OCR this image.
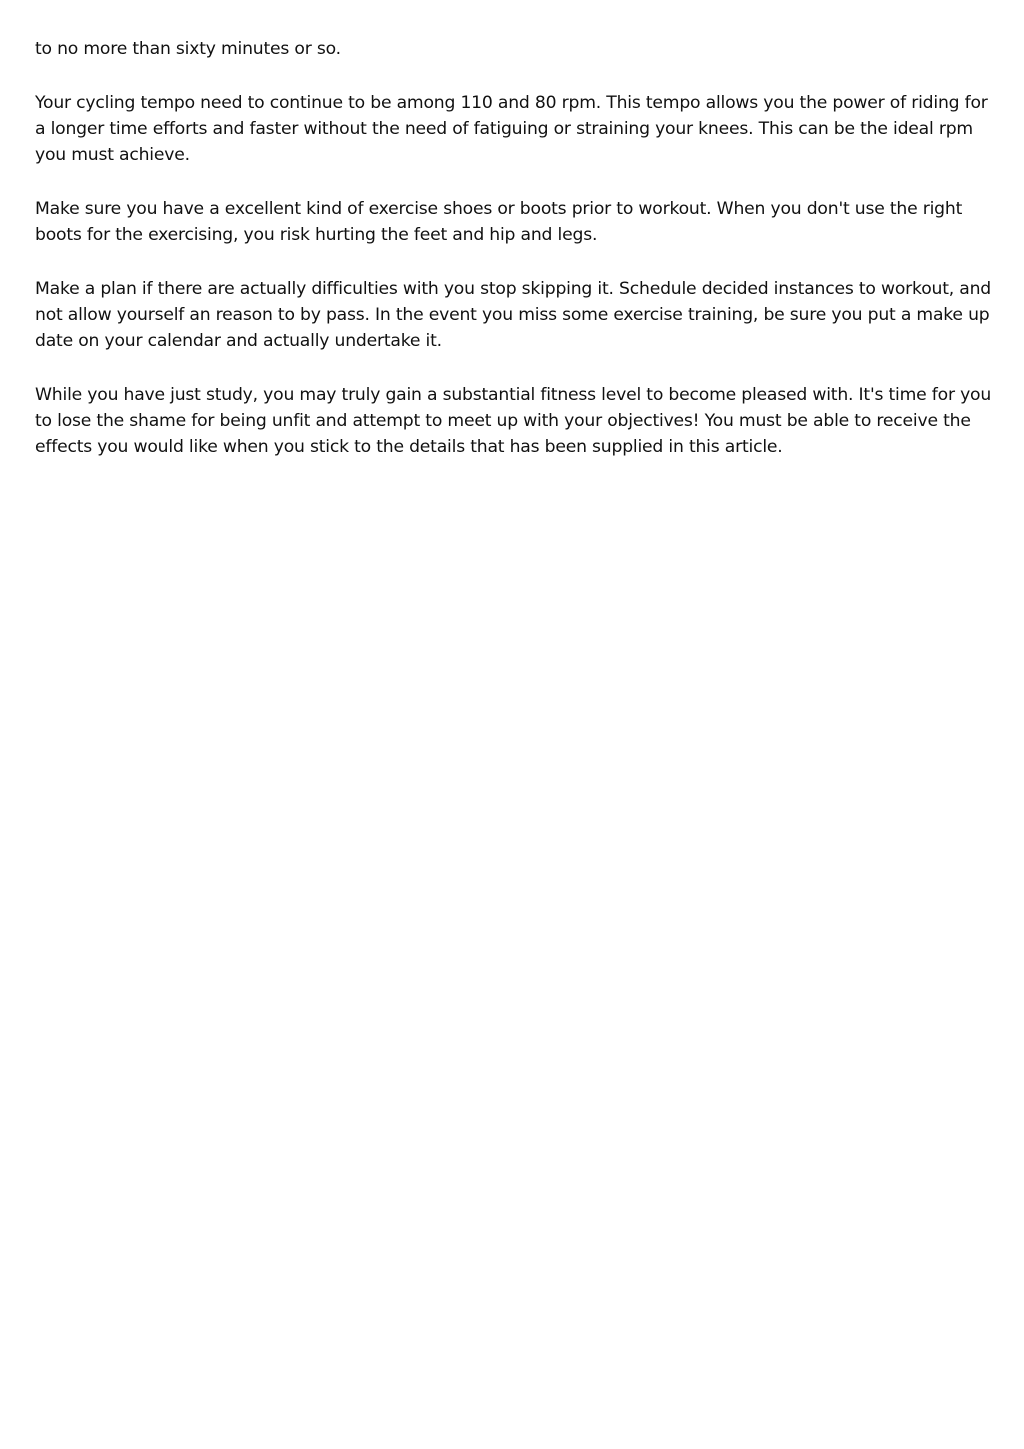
to no more than sixty minutes or so.

Your cycling tempo need to continue to be among 110 and 80 rpm. This tempo allows you the power of riding for a longer time efforts and faster without the need of fatiguing or straining your knees. This can be the ideal rpm you must achieve.

Make sure you have a excellent kind of exercise shoes or boots prior to workout. When you don't use the right boots for the exercising, you risk hurting the feet and hip and legs.

Make a plan if there are actually difficulties with you stop skipping it. Schedule decided instances to workout, and not allow yourself an reason to by pass. In the event you miss some exercise training, be sure you put a make up date on your calendar and actually undertake it.

While you have just study, you may truly gain a substantial fitness level to become pleased with. It's time for you to lose the shame for being unfit and attempt to meet up with your objectives! You must be able to receive the effects you would like when you stick to the details that has been supplied in this article.
